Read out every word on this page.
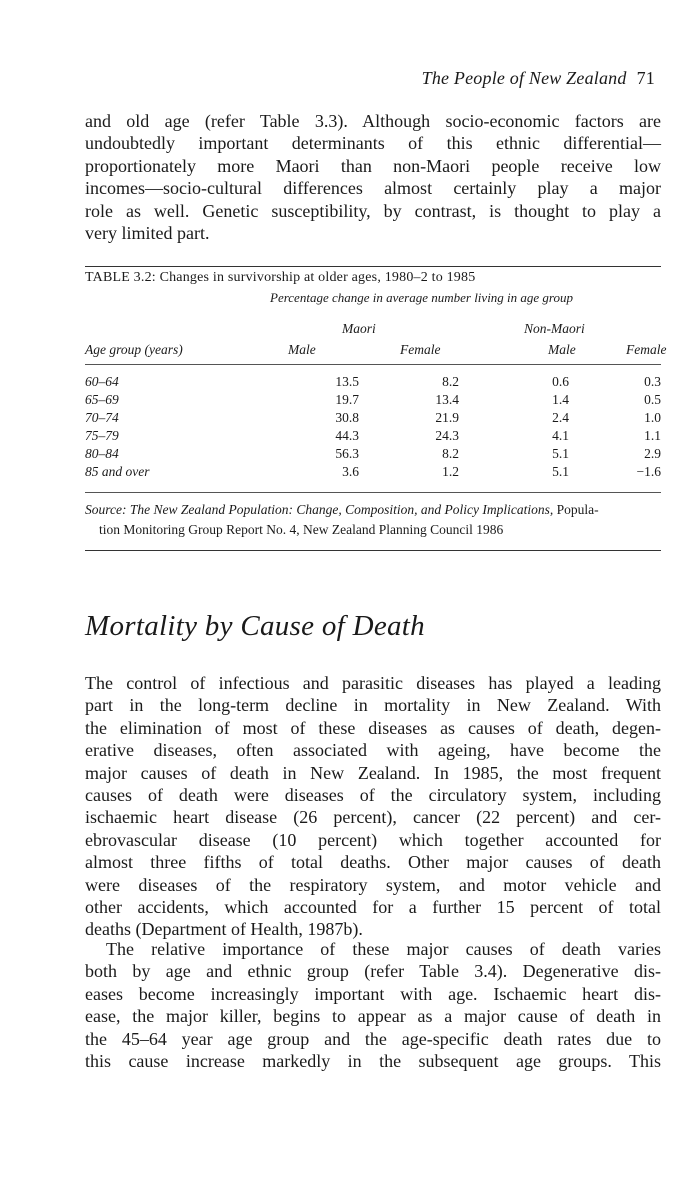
The People of New Zealand 71

and old age (refer Table 3.3). Although socio-economic factors are
undoubtedly important determinants of this ethnic differential—
proportionately more Maori than non-Maori people receive low
incomes—socio-cultural differences almost certainly play a major
role as well. Genetic susceptibility, by contrast, is thought to play a
very limited part.

TABLE 3.2: Changes in survivorship at older ages, 1980–2 to 1985
Percentage change in average number living in age group
Maori	Non-Maori
Age group (years)	Male	Female	Male	Female
60–64	13.5	8.2	0.6	0.3
65–69	19.7	13.4	1.4	0.5
70–74	30.8	21.9	2.4	1.0
75–79	44.3	24.3	4.1	1.1
80–84	56.3	8.2	5.1	2.9
85 and over	3.6	1.2	5.1	−1.6
Source: The New Zealand Population: Change, Composition, and Policy Implications, Popula-
tion Monitoring Group Report No. 4, New Zealand Planning Council 1986
Mortality by Cause of Death

The control of infectious and parasitic diseases has played a leading
part in the long-term decline in mortality in New Zealand. With
the elimination of most of these diseases as causes of death, degen-
erative diseases, often associated with ageing, have become the
major causes of death in New Zealand. In 1985, the most frequent
causes of death were diseases of the circulatory system, including
ischaemic heart disease (26 percent), cancer (22 percent) and cer-
ebrovascular disease (10 percent) which together accounted for
almost three fifths of total deaths. Other major causes of death
were diseases of the respiratory system, and motor vehicle and
other accidents, which accounted for a further 15 percent of total
deaths (Department of Health, 1987b).

The relative importance of these major causes of death varies
both by age and ethnic group (refer Table 3.4). Degenerative dis-
eases become increasingly important with age. Ischaemic heart dis-
ease, the major killer, begins to appear as a major cause of death in
the 45–64 year age group and the age-specific death rates due to
this cause increase markedly in the subsequent age groups. This
